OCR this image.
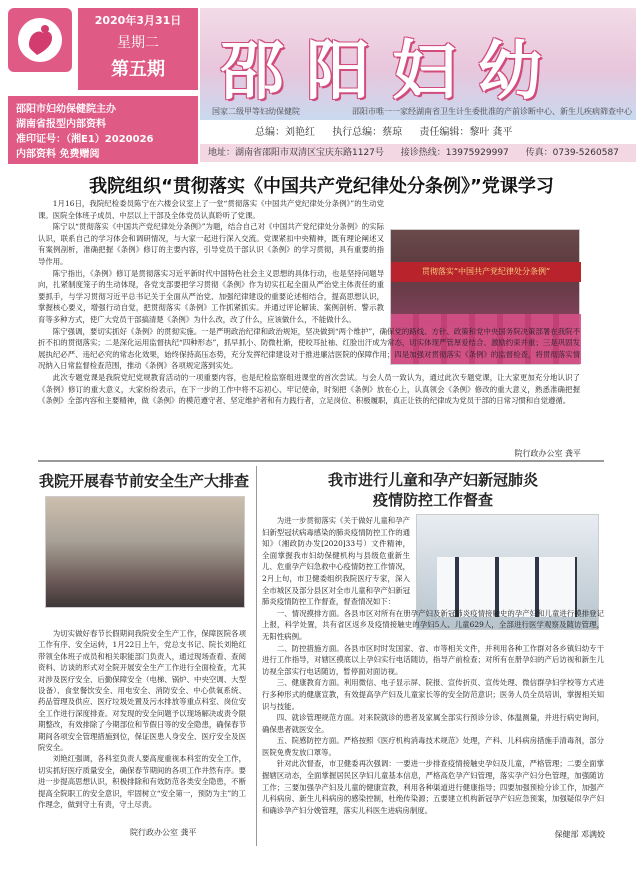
2020年3月31日
星期二
第五期
邵阳市妇幼保健院主办
湖南省报型内部资料
准印证号：（湘E1）2020026
内部资料 免费赠阅
邵阳妇幼
国家二级甲等妇幼保健院	邵阳市唯一一家经湖南省卫生计生委批准的产前诊断中心、新生儿疾病筛查中心
总编：刘艳红 执行总编：蔡琼 责任编辑：黎叶 龚平
地址：湖南省邵阳市双清区宝庆东路1127号 接诊热线：13975929997 传真：0739-5260587
我院组织“贯彻落实《中国共产党纪律处分条例》”党课学习
贯彻落实“中国共产党纪律处分条例”

1月16日，我院纪检委员陈宁在六楼会议室上了一堂“贯彻落实《中国共产党纪律处分条例》”的生动党课。医院全体班子成员、中层以上干部及全体党员认真聆听了党课。

陈宁以“贯彻落实《中国共产党纪律处分条例》”为题，结合自己对《中国共产党纪律处分条例》的实际认识，联系自己的学习体会和调研情况，与大家一起进行深入交流。党课紧扣中央精神，既有理论阐述又有案例剖析，准确把握《条例》修订的主要内容，引导党员干部认识《条例》的学习贯彻，具有重要的指导作用。

陈宁指出，《条例》修订是贯彻落实习近平新时代中国特色社会主义思想的具体行动，也是坚持问题导向，扎紧制度笼子的生动体现，各党支部要把学习贯彻《条例》作为切实扛起全面从严治党主体责任的重要抓手，与学习贯彻习近平总书记关于全面从严治党、加强纪律建设的重要论述相结合，提高思想认识，掌握核心要义，增强行动自觉，把贯彻落实《条例》工作抓紧抓实。并通过评论解读、案例剖析、警示教育等多种方式，使广大党员干部搞清楚《条例》为什么改，改了什么，应该做什么，不能做什么。

陈宁强调，要切实抓好《条例》的贯彻实施。一是严明政治纪律和政治规矩，坚决做到“两个维护”，确保党的路线、方针、政策和党中央国务院决策部署在我院不折不扣的贯彻落实；二是深化运用监督执纪“四种形态”，抓早抓小、防微杜渐，使咬耳扯袖、红脸出汗成为常态，切实体现严管厚爱结合、激励约束并重；三是巩固发展执纪必严、违纪必究的常态化效果，始终保持高压态势，充分发挥纪律建设对于推进廉洁医院的保障作用；四是加强对贯彻落实《条例》的监督检查，将贯彻落实情况纳入日常监督检查范围，推动《条例》各项规定落到实处。

此次专题党课是我院党纪党规教育活动的一项重要内容，也是纪检监察组进课堂的首次尝试。与会人员一致认为，通过此次专题党课，让大家更加充分地认识了《条例》修订的重大意义，大家纷纷表示，在下一步的工作中将不忘初心、牢记使命，时刻把《条例》放在心上，认真领会《条例》修改的重大意义，熟悉准确把握《条例》全部内容和主要精神，做《条例》的模范遵守者、坚定维护者和有力践行者，立足岗位、积极履职，真正让铁的纪律成为党员干部的日常习惯和自觉遵循。

院行政办公室 龚平
我院开展春节前安全生产大排查

为切实做好春节长假期间我院安全生产工作，保障医院各项工作有序、安全运转，1月22日上午，党总支书记、院长刘艳红带领全体班子成员和相关职能部门负责人，通过现场查看、查阅资料、访谈的形式对全院开展安全生产工作进行全面检查，尤其对涉及医疗安全、后勤保障安全（电梯、锅炉、中央空调、大型设备）、食堂餐饮安全、用电安全、消防安全、中心供氧系统、药品管理及供应、医疗垃圾处置及污水排放等重点科室、岗位安全工作进行深度排查。对发现的安全问题予以现场解决或责令限期整改，有效排除了今期部位和节假日等的安全隐患，确保春节期间各项安全管理措施到位，保证医患人身安全、医疗安全及医院安全。

刘艳红强调，各科室负责人要高度重视本科室的安全工作，切实抓好医疗质量安全，确保春节期间的各项工作井然有序。要进一步提高思想认识，积极排除和有效防范各类安全隐患，不断提高全院职工的安全意识，牢固树立“安全第一，预防为主”的工作理念，做到守土有责，守土尽责。

院行政办公室 龚平
我市进行儿童和孕产妇新冠肺炎
疫情防控工作督查

为进一步贯彻落实《关于做好儿童和孕产妇新型冠状病毒感染的肺炎疫情防控工作的通知》（湘政防办发[2020]33号）文件精神，全面掌握我市妇幼保健机构与县级危重新生儿、危重孕产妇急救中心疫情防控工作情况，2月上旬，市卫健委组织我院医疗专家，深入全市城区及部分县区对全市儿童和孕产妇新冠肺炎疫情防控工作督查，督查情况如下：

一、情况摸排方面。各县市区对所有在册孕产妇及新冠肺炎疫情接触史的孕产妇和儿童进行摸排登记上报，科学处置，共有省区返乡及疫情接触史的孕妇5人、儿童629人，全部进行医学观察及随访管理，无阳性病例。

二、防控措施方面。各县市区时时发国家、省、市等相关文件，并利用各种工作群对各乡镇妇幼专干进行工作指导，对辖区摸底以上孕妇实行电话随访，指导产前检查；对所有在册孕妇的产后访视和新生儿访视全部实行电话随访，暂停面对面访视。

三、健康教育方面。利用微信、电子显示屏、院报、宣传折页、宣传处理、微信群孕妇学校等方式进行多种形式的健康宣教，有效提高孕产妇及儿童家长等的安全防范意识；医务人员全员培训，掌握相关知识与技能。

四、就诊管理规范方面。对来院就诊的患者及家属全部实行预诊分诊、体温测量，并进行病史询问，确保患者就医安全。

五、院感防控方面。严格按照《医疗机构消毒技术规范》处理，产科、儿科病房措施手清毒剂，部分医院免费发放口罩等。

针对此次督查，市卫健委再次强调：一要进一步排查疫情接触史孕妇及儿童，严格管理；二要全面掌握辖区动态，全面掌握居民区孕妇儿童基本信息，严格高危孕产妇管理，落实孕产妇分色管理，加强随访工作；三要加强孕产妇及儿童的健康宣教，利用各种渠道进行健康指导；四要加强预检分诊工作，加强产儿科病房、新生儿科病房的感染控制，杜绝传染源；五要建立机构新冠孕产妇应急预案，加强疑似孕产妇和确诊孕产妇分娩管理，落实儿科医生进病房制度。

保健部 邓满姣
